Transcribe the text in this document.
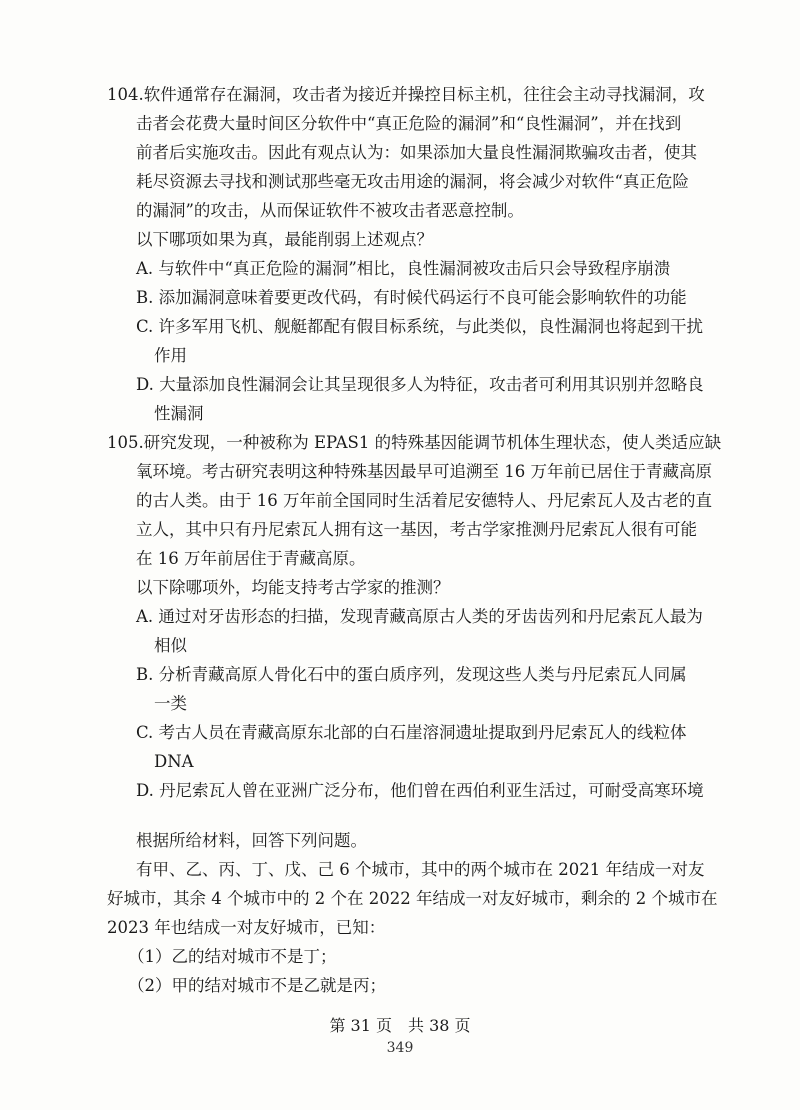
104.软件通常存在漏洞，攻击者为接近并操控目标主机，往往会主动寻找漏洞，攻
击者会花费大量时间区分软件中“真正危险的漏洞”和“良性漏洞”，并在找到
前者后实施攻击。因此有观点认为：如果添加大量良性漏洞欺骗攻击者，使其
耗尽资源去寻找和测试那些毫无攻击用途的漏洞，将会减少对软件“真正危险
的漏洞”的攻击，从而保证软件不被攻击者恶意控制。
以下哪项如果为真，最能削弱上述观点？
A. 与软件中“真正危险的漏洞”相比，良性漏洞被攻击后只会导致程序崩溃
B. 添加漏洞意味着要更改代码，有时候代码运行不良可能会影响软件的功能
C. 许多军用飞机、舰艇都配有假目标系统，与此类似，良性漏洞也将起到干扰
作用
D. 大量添加良性漏洞会让其呈现很多人为特征，攻击者可利用其识别并忽略良
性漏洞
105.研究发现，一种被称为 EPAS1 的特殊基因能调节机体生理状态，使人类适应缺
氧环境。考古研究表明这种特殊基因最早可追溯至 16 万年前已居住于青藏高原
的古人类。由于 16 万年前全国同时生活着尼安德特人、丹尼索瓦人及古老的直
立人，其中只有丹尼索瓦人拥有这一基因，考古学家推测丹尼索瓦人很有可能
在 16 万年前居住于青藏高原。
以下除哪项外，均能支持考古学家的推测？
A. 通过对牙齿形态的扫描，发现青藏高原古人类的牙齿齿列和丹尼索瓦人最为
相似
B. 分析青藏高原人骨化石中的蛋白质序列，发现这些人类与丹尼索瓦人同属
一类
C. 考古人员在青藏高原东北部的白石崖溶洞遗址提取到丹尼索瓦人的线粒体
DNA
D. 丹尼索瓦人曾在亚洲广泛分布，他们曾在西伯利亚生活过，可耐受高寒环境
根据所给材料，回答下列问题。
有甲、乙、丙、丁、戊、己 6 个城市，其中的两个城市在 2021 年结成一对友
好城市，其余 4 个城市中的 2 个在 2022 年结成一对友好城市，剩余的 2 个城市在
2023 年也结成一对友好城市，已知：
（1）乙的结对城市不是丁；
（2）甲的结对城市不是乙就是丙；
第 31 页　共 38 页
349
